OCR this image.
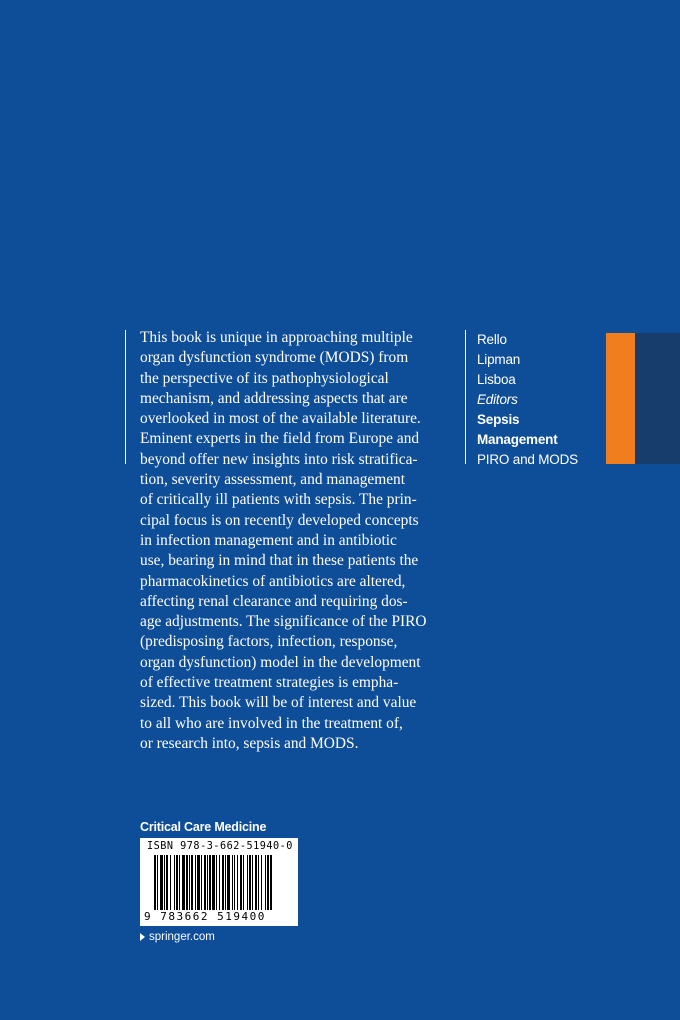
This book is unique in approaching multiple
organ dysfunction syndrome (MODS) from
the perspective of its pathophysiological
mechanism, and addressing aspects that are
overlooked in most of the available literature.
Eminent experts in the field from Europe and
beyond offer new insights into risk stratifica-
tion, severity assessment, and management
of critically ill patients with sepsis. The prin-
cipal focus is on recently developed concepts
in infection management and in antibiotic
use, bearing in mind that in these patients the
pharmacokinetics of antibiotics are altered,
affecting renal clearance and requiring dos-
age adjustments. The significance of the PIRO
(predisposing factors, infection, response,
organ dysfunction) model in the development
of effective treatment strategies is empha-
sized. This book will be of interest and value
to all who are involved in the treatment of,
or research into, sepsis and MODS.
Rello
Lipman
Lisboa
Editors
Sepsis
Management
PIRO and MODS
Critical Care Medicine
ISBN 978-3-662-51940-0
9 783662 519400
springer.com
